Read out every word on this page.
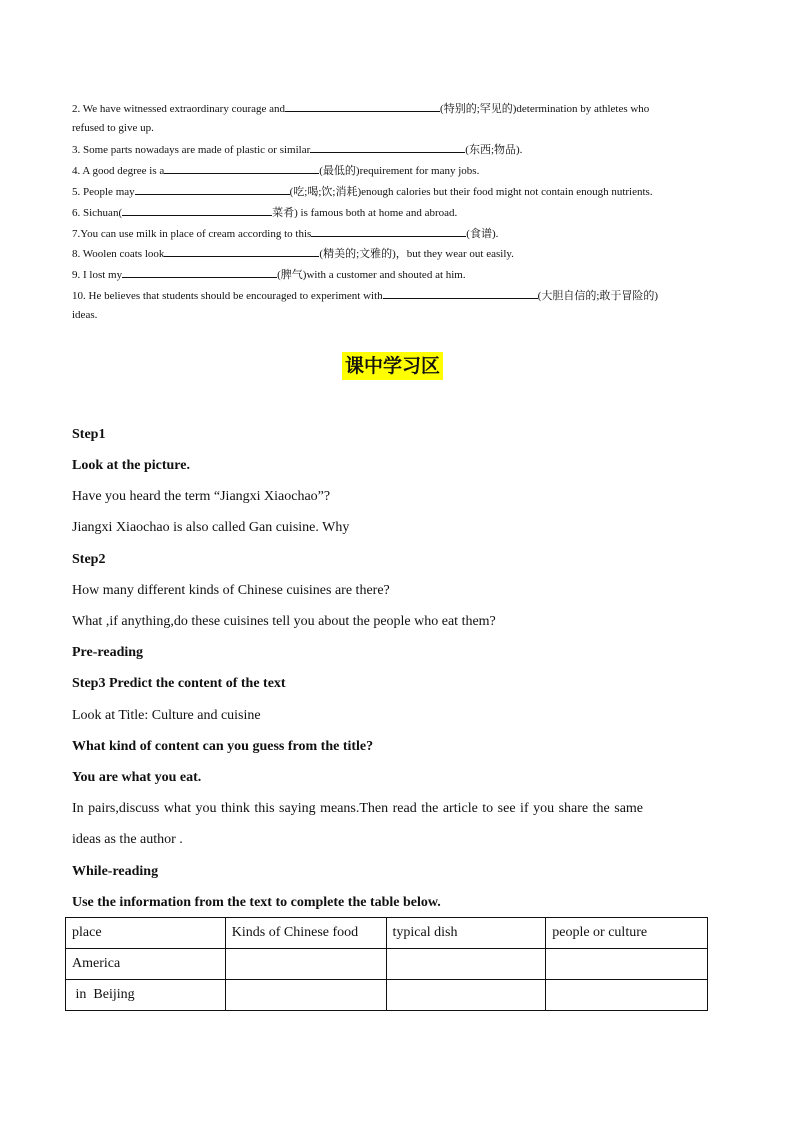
2. We have witnessed extraordinary courage and	(特别的;罕见的)determination by athletes who
refused to give up.
3. Some parts nowadays are made of plastic or similar	(东西;物品).
4. A good degree is a	(最低的)requirement for many jobs.
5. People may	(吃;喝;饮;消耗)enough calories but their food might not contain enough nutrients.
6. Sichuan(	菜肴) is famous both at home and abroad.
7.You can use milk in place of cream according to this	(食谱).
8. Woolen coats look	(精美的;文雅的)，but they wear out easily.
9. I lost my	(脾气)with a customer and shouted at him.
10. He believes that students should be encouraged to experiment with	(大胆自信的;敢于冒险的)
ideas.
课中学习区
Step1
Look at the picture.
Have you heard the term “Jiangxi Xiaochao”?
Jiangxi Xiaochao is also called Gan cuisine. Why
Step2
How many different kinds of Chinese cuisines are there?
What ,if anything,do these cuisines tell you about the people who eat them?
Pre-reading
Step3 Predict the content of the text
Look at Title: Culture and cuisine
What kind of content can you guess from the title?
You are what you eat.
In pairs,discuss what you think this saying means.Then read the article to see if you share the same
ideas as the author .
While-reading
Use the information from the text to complete the table below.
place	Kinds of Chinese food	typical dish	people or culture
America			
in  Beijing			
